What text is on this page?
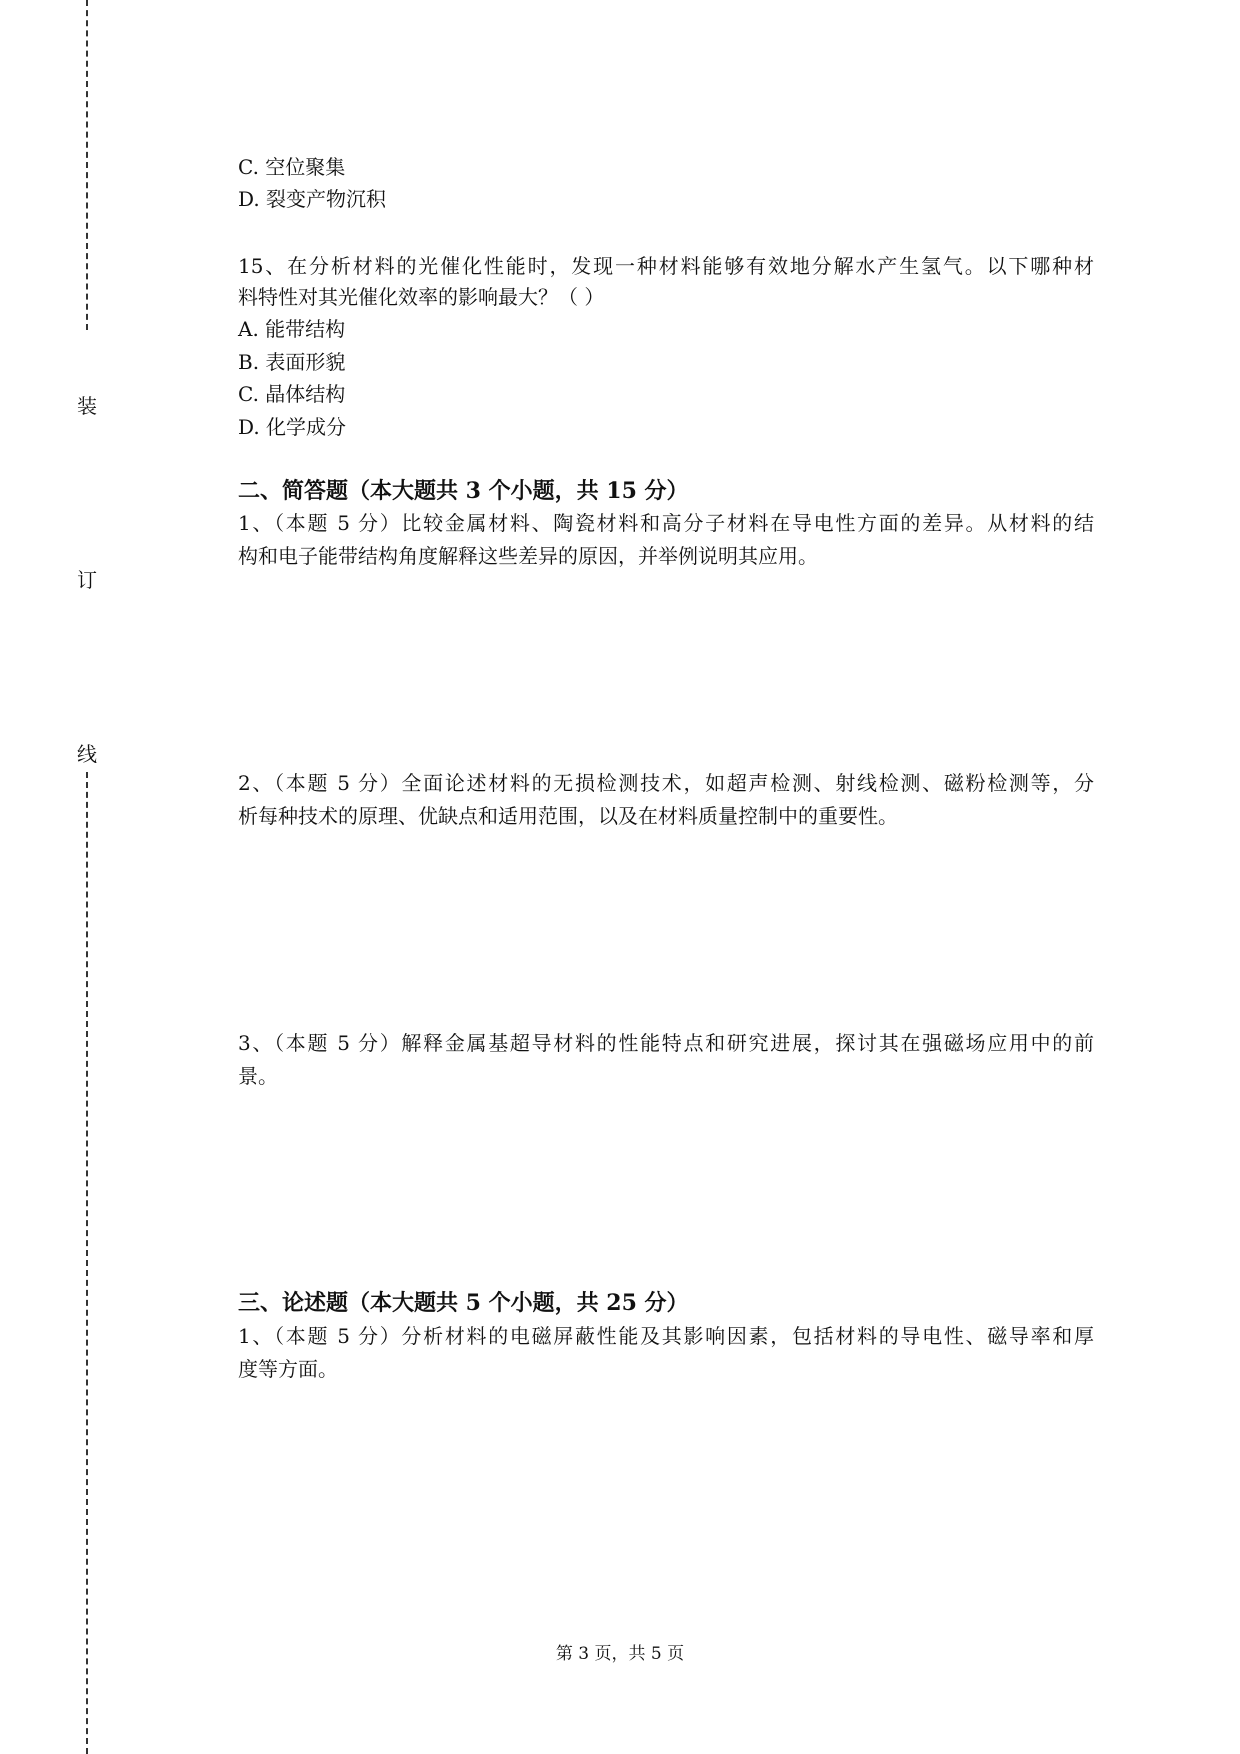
装
订
线
C. 空位聚集
D. 裂变产物沉积
15、在分析材料的光催化性能时，发现一种材料能够有效地分解水产生氢气。以下哪种材
料特性对其光催化效率的影响最大？（ ）
A. 能带结构
B. 表面形貌
C. 晶体结构
D. 化学成分
二、简答题（本大题共 3 个小题，共 15 分）
1、（本题 5 分）比较金属材料、陶瓷材料和高分子材料在导电性方面的差异。从材料的结
构和电子能带结构角度解释这些差异的原因，并举例说明其应用。
2、（本题 5 分）全面论述材料的无损检测技术，如超声检测、射线检测、磁粉检测等，分
析每种技术的原理、优缺点和适用范围，以及在材料质量控制中的重要性。
3、（本题 5 分）解释金属基超导材料的性能特点和研究进展，探讨其在强磁场应用中的前
景。
三、论述题（本大题共 5 个小题，共 25 分）
1、（本题 5 分）分析材料的电磁屏蔽性能及其影响因素，包括材料的导电性、磁导率和厚
度等方面。
第 3 页，共 5 页
